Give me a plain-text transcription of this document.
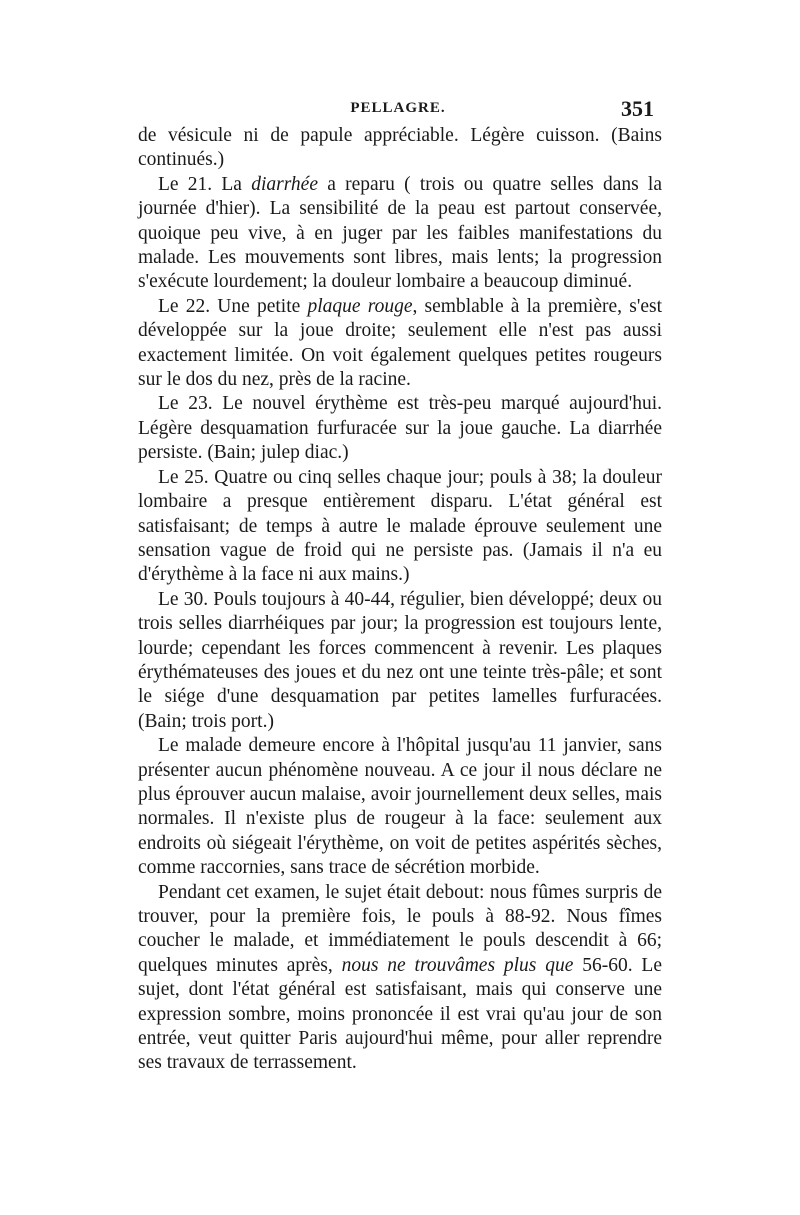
PELLAGRE.	351

de vésicule ni de papule appréciable. Légère cuisson. (Bains continués.)

Le 21. La diarrhée a reparu ( trois ou quatre selles dans la journée d'hier). La sensibilité de la peau est partout conservée, quoique peu vive, à en juger par les faibles manifestations du malade. Les mouvements sont libres, mais lents; la progression s'exécute lourdement; la douleur lombaire a beaucoup diminué.

Le 22. Une petite plaque rouge, semblable à la première, s'est développée sur la joue droite; seulement elle n'est pas aussi exactement limitée. On voit également quelques petites rougeurs sur le dos du nez, près de la racine.

Le 23. Le nouvel érythème est très-peu marqué aujourd'hui. Légère desquamation furfuracée sur la joue gauche. La diarrhée persiste. (Bain; julep diac.)

Le 25. Quatre ou cinq selles chaque jour; pouls à 38; la douleur lombaire a presque entièrement disparu. L'état général est satisfaisant; de temps à autre le malade éprouve seulement une sensation vague de froid qui ne persiste pas. (Jamais il n'a eu d'érythème à la face ni aux mains.)

Le 30. Pouls toujours à 40-44, régulier, bien développé; deux ou trois selles diarrhéiques par jour; la progression est toujours lente, lourde; cependant les forces commencent à revenir. Les plaques érythémateuses des joues et du nez ont une teinte très-pâle; et sont le siége d'une desquamation par petites lamelles furfuracées. (Bain; trois port.)

Le malade demeure encore à l'hôpital jusqu'au 11 janvier, sans présenter aucun phénomène nouveau. A ce jour il nous déclare ne plus éprouver aucun malaise, avoir journellement deux selles, mais normales. Il n'existe plus de rougeur à la face: seulement aux endroits où siégeait l'érythème, on voit de petites aspérités sèches, comme raccornies, sans trace de sécrétion morbide.

Pendant cet examen, le sujet était debout: nous fûmes surpris de trouver, pour la première fois, le pouls à 88-92. Nous fîmes coucher le malade, et immédiatement le pouls descendit à 66; quelques minutes après, nous ne trouvâmes plus que 56-60. Le sujet, dont l'état général est satisfaisant, mais qui conserve une expression sombre, moins prononcée il est vrai qu'au jour de son entrée, veut quitter Paris aujourd'hui même, pour aller reprendre ses travaux de terrassement.
